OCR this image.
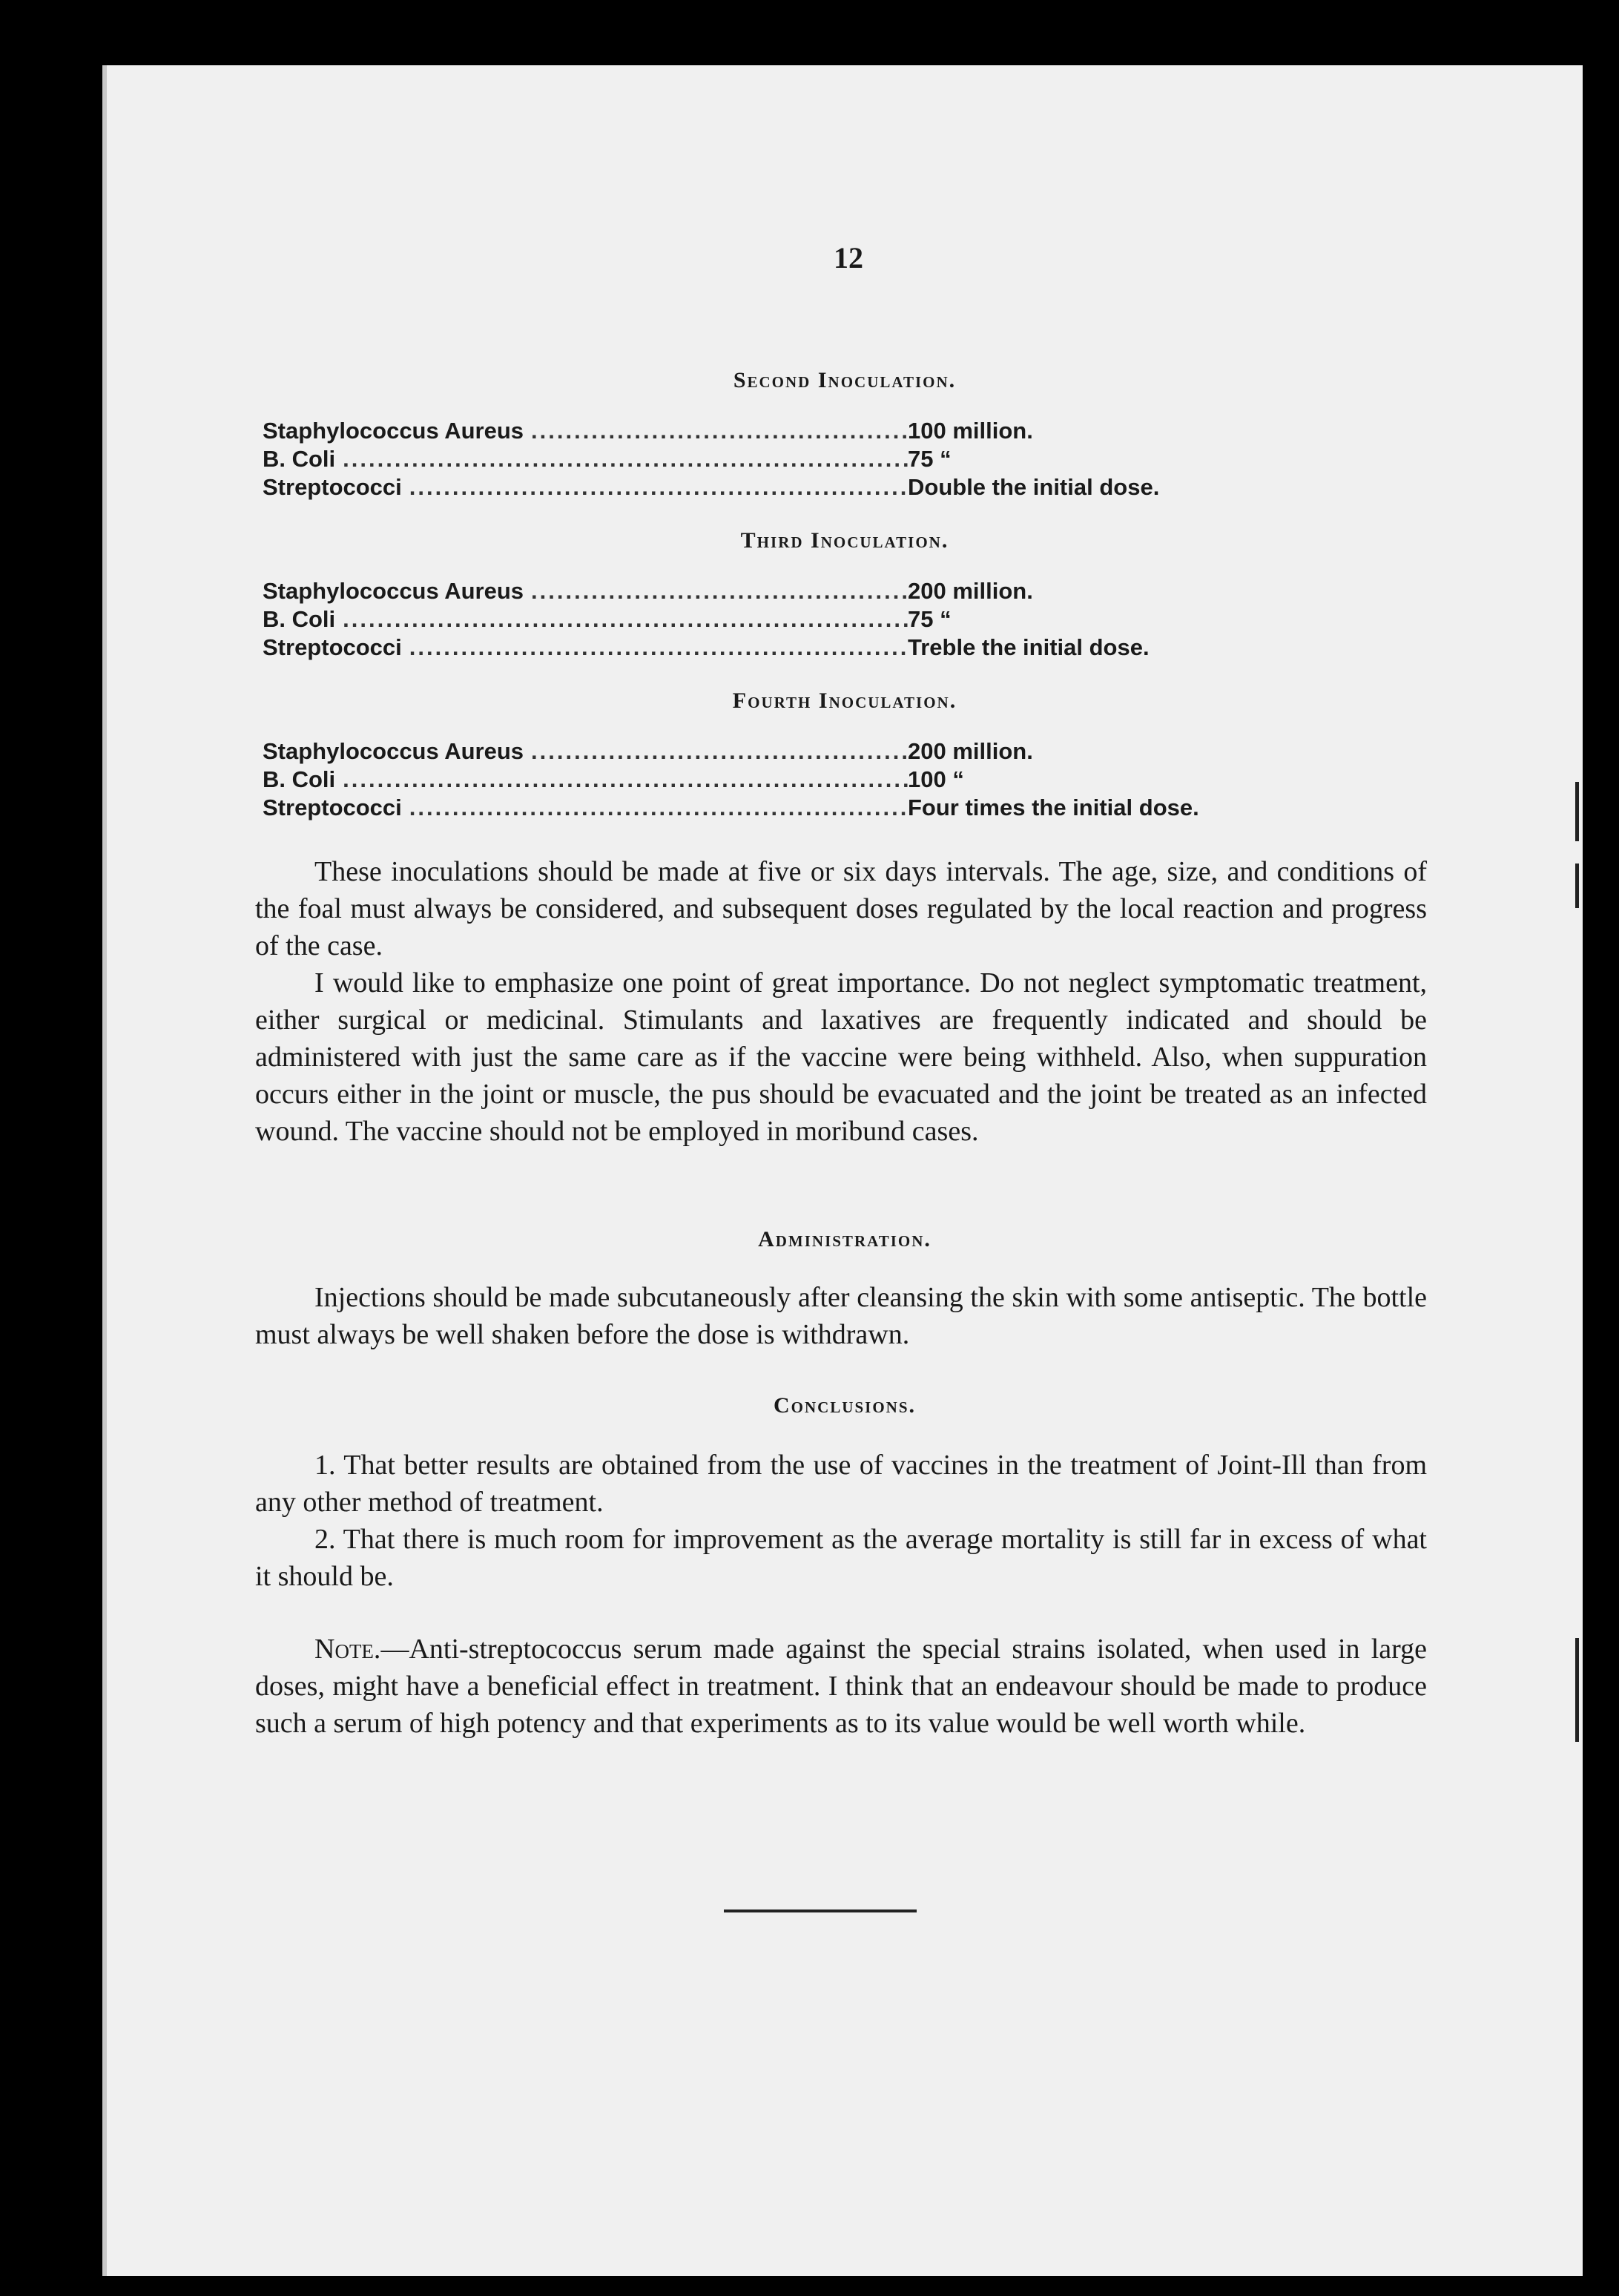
12
Second Inoculation.
Staphylococcus Aureus .....	100 million.
B. Coli .....	75 “
Streptococci .....	Double the initial dose.
Third Inoculation.
Staphylococcus Aureus .....	200 million.
B. Coli .....	75 “
Streptococci .....	Treble the initial dose.
Fourth Inoculation.
Staphylococcus Aureus .....	200 million.
B. Coli .....	100 “
Streptococci .....	Four times the initial dose.

These inoculations should be made at five or six days intervals. The age, size, and conditions of the foal must always be considered, and subsequent doses regulated by the local reaction and progress of the case.

I would like to emphasize one point of great importance. Do not neglect symptomatic treatment, either surgical or medicinal. Stimulants and laxatives are frequently indicated and should be administered with just the same care as if the vaccine were being withheld. Also, when suppuration occurs either in the joint or muscle, the pus should be evacuated and the joint be treated as an infected wound. The vaccine should not be employed in moribund cases.

Administration.

Injections should be made subcutaneously after cleansing the skin with some antiseptic. The bottle must always be well shaken before the dose is withdrawn.

Conclusions.

1. That better results are obtained from the use of vaccines in the treatment of Joint-Ill than from any other method of treatment.

2. That there is much room for improvement as the average mortality is still far in excess of what it should be.

Note.—Anti-streptococcus serum made against the special strains isolated, when used in large doses, might have a beneficial effect in treatment. I think that an endeavour should be made to produce such a serum of high potency and that experiments as to its value would be well worth while.
